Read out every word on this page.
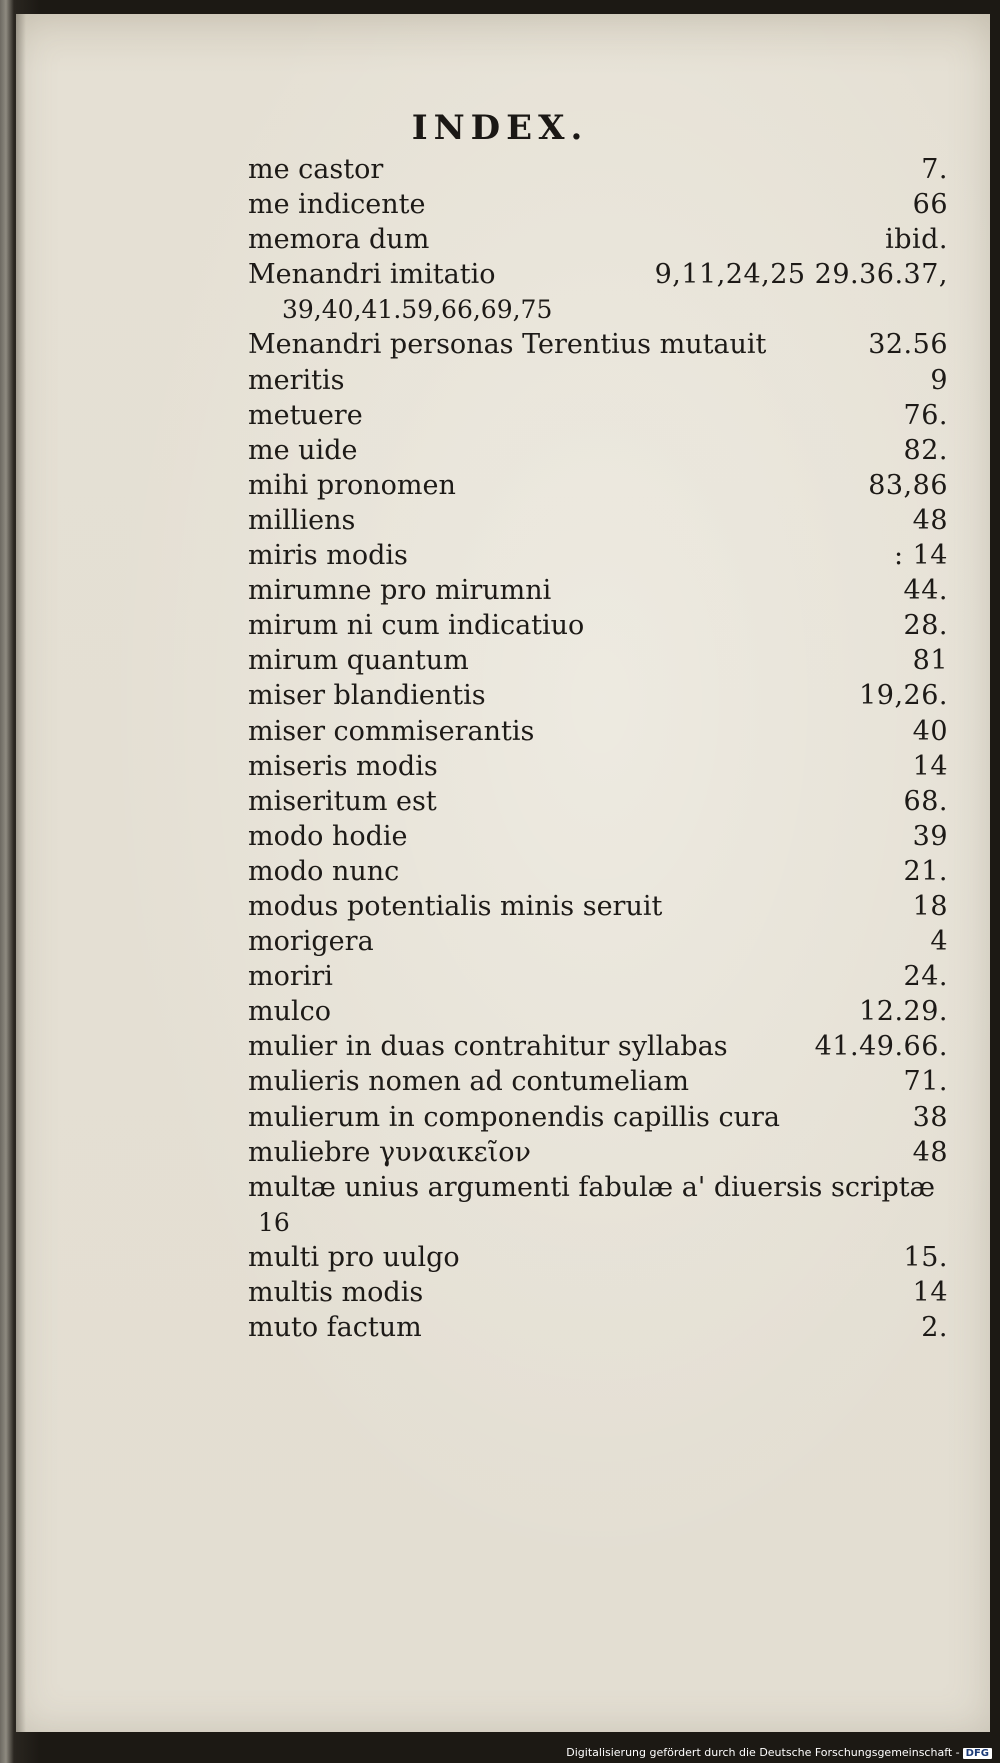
INDEX.
me castor	7.
me indicente	66
memora dum	ibid.
Menandri imitatio	9,11,24,25 29.36.37,
39,40,41.59,66,69,75
Menandri personas Terentius mutauit	32.56
meritis	9
metuere	76.
me uide	82.
mihi pronomen	83,86
milliens	48
miris modis	: 14
mirumne pro mirumni	44.
mirum ni cum indicatiuo	28.
mirum quantum	81
miser blandientis	19,26.
miser commiserantis	40
miseris modis	14
miseritum est	68.
modo hodie	39
modo nunc	21.
modus potentialis minis seruit	18
morigera	4
moriri	24.
mulco	12.29.
mulier in duas contrahitur syllabas	41.49.66.
mulieris nomen ad contumeliam	71.
mulierum in componendis capillis cura	38
muliebre γυναικεῖον	48
multæ unius argumenti fabulæ a' diuersis scriptæ
16
multi pro uulgo	15.
multis modis	14
muto factum	2.
Digitalisierung gefördert durch die Deutsche Forschungsgemeinschaft - DFG
